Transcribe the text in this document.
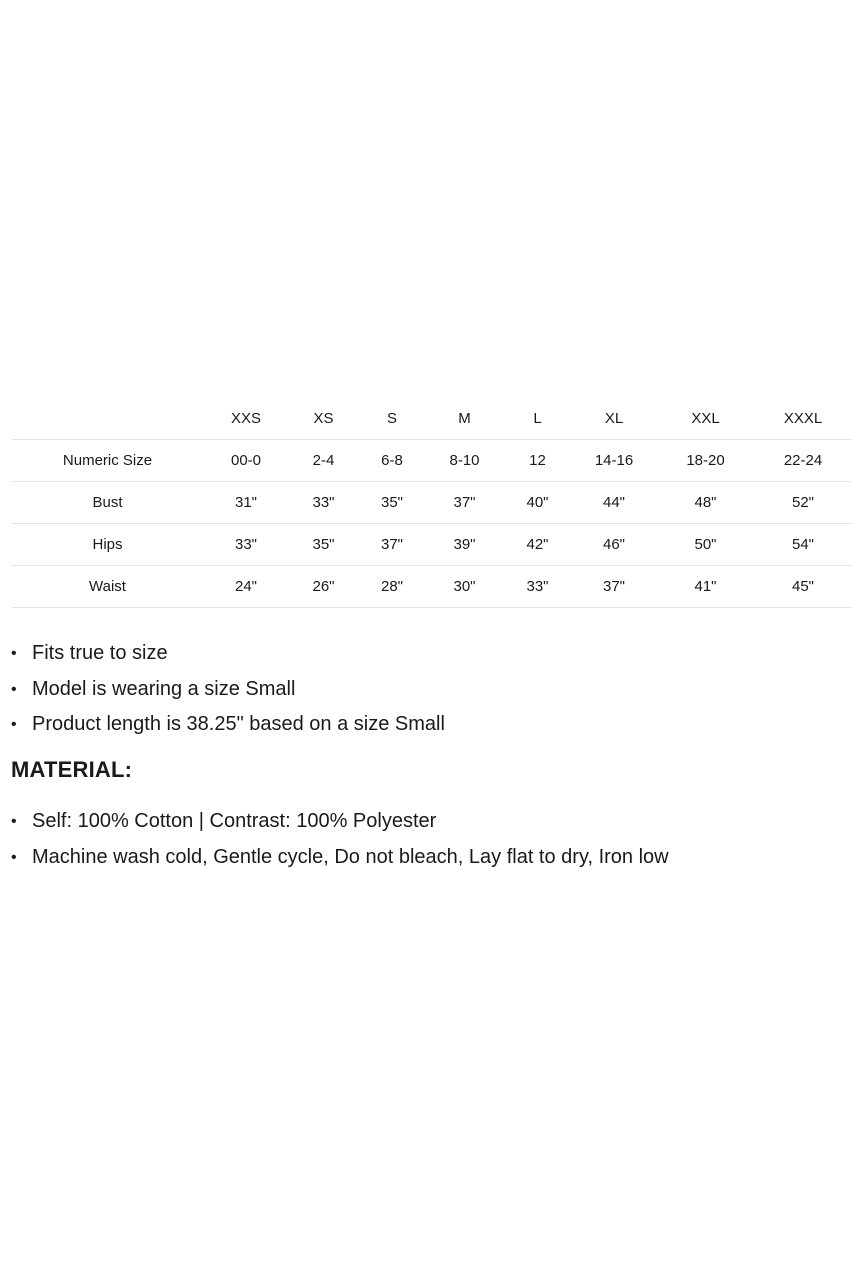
	XXS	XS	S	M	L	XL	XXL	XXXL
Numeric Size	00-0	2-4	6-8	8-10	12	14-16	18-20	22-24
Bust	31"	33"	35"	37"	40"	44"	48"	52"
Hips	33"	35"	37"	39"	42"	46"	50"	54"
Waist	24"	26"	28"	30"	33"	37"	41"	45"
• Fits true to size
• Model is wearing a size Small
• Product length is 38.25" based on a size Small
MATERIAL:
• Self: 100% Cotton | Contrast: 100% Polyester
• Machine wash cold, Gentle cycle, Do not bleach, Lay flat to dry, Iron low
